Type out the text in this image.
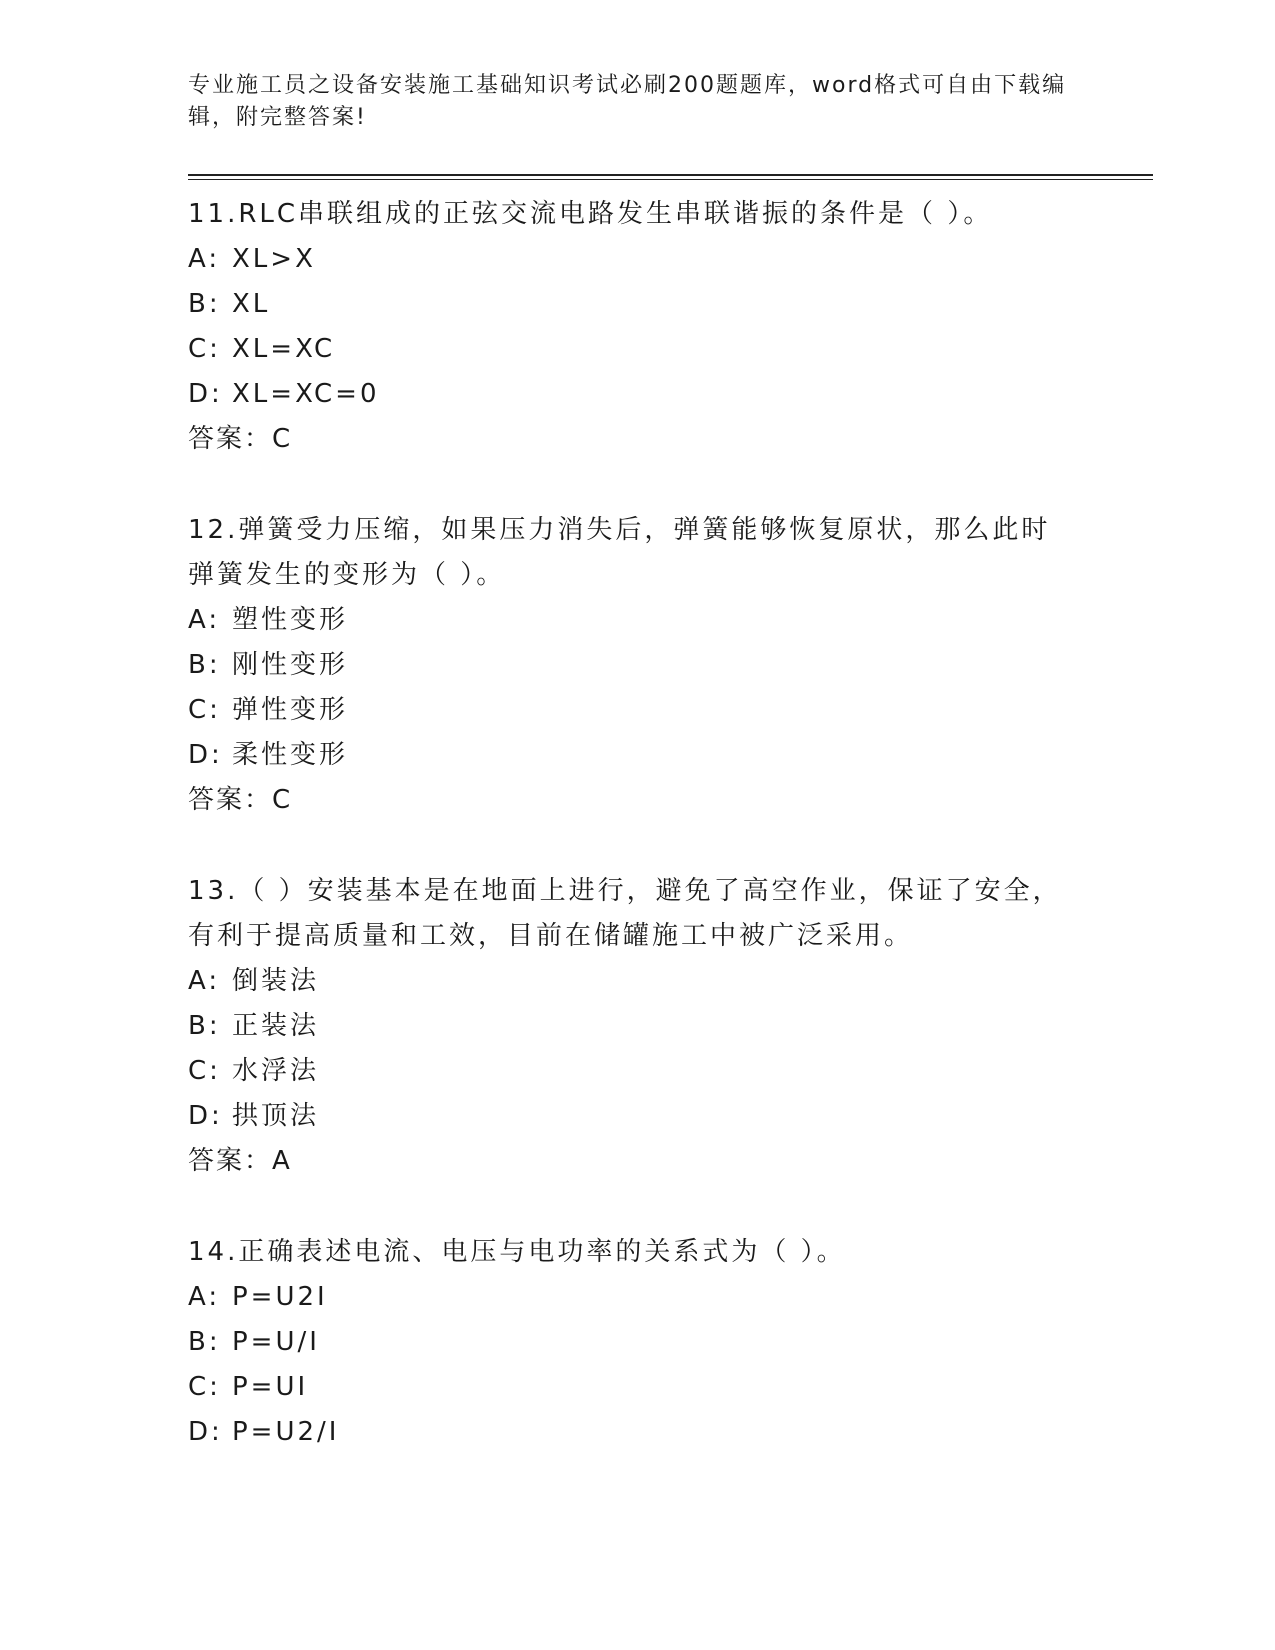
专业施工员之设备安装施工基础知识考试必刷200题题库，word格式可自由下载编辑，附完整答案!

11.RLC串联组成的正弦交流电路发生串联谐振的条件是（ ）。

A: XL>X

B: XL

C: XL=XC

D: XL=XC=0

答案：C

12.弹簧受力压缩，如果压力消失后，弹簧能够恢复原状，那么此时弹簧发生的变形为（ ）。

A: 塑性变形

B: 刚性变形

C: 弹性变形

D: 柔性变形

答案：C

13.（ ）安装基本是在地面上进行，避免了高空作业，保证了安全，有利于提高质量和工效，目前在储罐施工中被广泛采用。

A: 倒装法

B: 正装法

C: 水浮法

D: 拱顶法

答案：A

14.正确表述电流、电压与电功率的关系式为（ ）。

A: P=U2I

B: P=U/I

C: P=UI

D: P=U2/I
